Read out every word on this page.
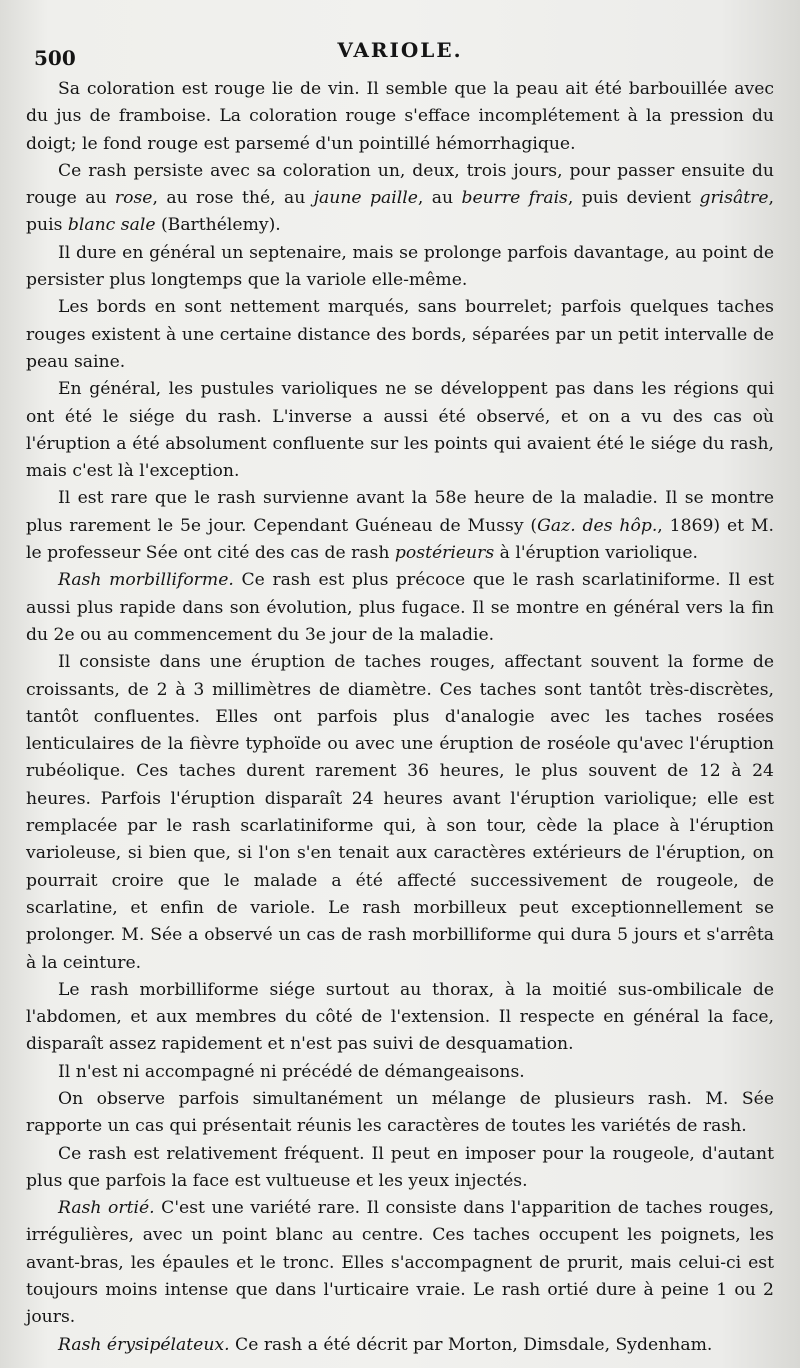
500	VARIOLE.

Sa coloration est rouge lie de vin. Il semble que la peau ait été barbouillée avec du jus de framboise. La coloration rouge s'efface incomplétement à la pression du doigt; le fond rouge est parsemé d'un pointillé hémorrhagique.

Ce rash persiste avec sa coloration un, deux, trois jours, pour passer ensuite du rouge au rose, au rose thé, au jaune paille, au beurre frais, puis devient grisâtre, puis blanc sale (Barthélemy).

Il dure en général un septenaire, mais se prolonge parfois davantage, au point de persister plus longtemps que la variole elle-même.

Les bords en sont nettement marqués, sans bourrelet; parfois quelques taches rouges existent à une certaine distance des bords, séparées par un petit intervalle de peau saine.

En général, les pustules varioliques ne se développent pas dans les régions qui ont été le siége du rash. L'inverse a aussi été observé, et on a vu des cas où l'éruption a été absolument confluente sur les points qui avaient été le siége du rash, mais c'est là l'exception.

Il est rare que le rash survienne avant la 58e heure de la maladie. Il se montre plus rarement le 5e jour. Cependant Guéneau de Mussy (Gaz. des hôp., 1869) et M. le professeur Sée ont cité des cas de rash postérieurs à l'éruption variolique.

Rash morbilliforme. Ce rash est plus précoce que le rash scarlatiniforme. Il est aussi plus rapide dans son évolution, plus fugace. Il se montre en général vers la fin du 2e ou au commencement du 3e jour de la maladie.

Il consiste dans une éruption de taches rouges, affectant souvent la forme de croissants, de 2 à 3 millimètres de diamètre. Ces taches sont tantôt très-discrètes, tantôt confluentes. Elles ont parfois plus d'analogie avec les taches rosées lenticulaires de la fièvre typhoïde ou avec une éruption de roséole qu'avec l'éruption rubéolique. Ces taches durent rarement 36 heures, le plus souvent de 12 à 24 heures. Parfois l'éruption disparaît 24 heures avant l'éruption variolique; elle est remplacée par le rash scarlatiniforme qui, à son tour, cède la place à l'éruption varioleuse, si bien que, si l'on s'en tenait aux caractères extérieurs de l'éruption, on pourrait croire que le malade a été affecté successivement de rougeole, de scarlatine, et enfin de variole. Le rash morbilleux peut exceptionnellement se prolonger. M. Sée a observé un cas de rash morbilliforme qui dura 5 jours et s'arrêta à la ceinture.

Le rash morbilliforme siége surtout au thorax, à la moitié sus-ombilicale de l'abdomen, et aux membres du côté de l'extension. Il respecte en général la face, disparaît assez rapidement et n'est pas suivi de desquamation.

Il n'est ni accompagné ni précédé de démangeaisons.

On observe parfois simultanément un mélange de plusieurs rash. M. Sée rapporte un cas qui présentait réunis les caractères de toutes les variétés de rash.

Ce rash est relativement fréquent. Il peut en imposer pour la rougeole, d'autant plus que parfois la face est vultueuse et les yeux injectés.

Rash ortié. C'est une variété rare. Il consiste dans l'apparition de taches rouges, irrégulières, avec un point blanc au centre. Ces taches occupent les poignets, les avant-bras, les épaules et le tronc. Elles s'accompagnent de prurit, mais celui-ci est toujours moins intense que dans l'urticaire vraie. Le rash ortié dure à peine 1 ou 2 jours.

Rash érysipélateux. Ce rash a été décrit par Morton, Dimsdale, Sydenham.
